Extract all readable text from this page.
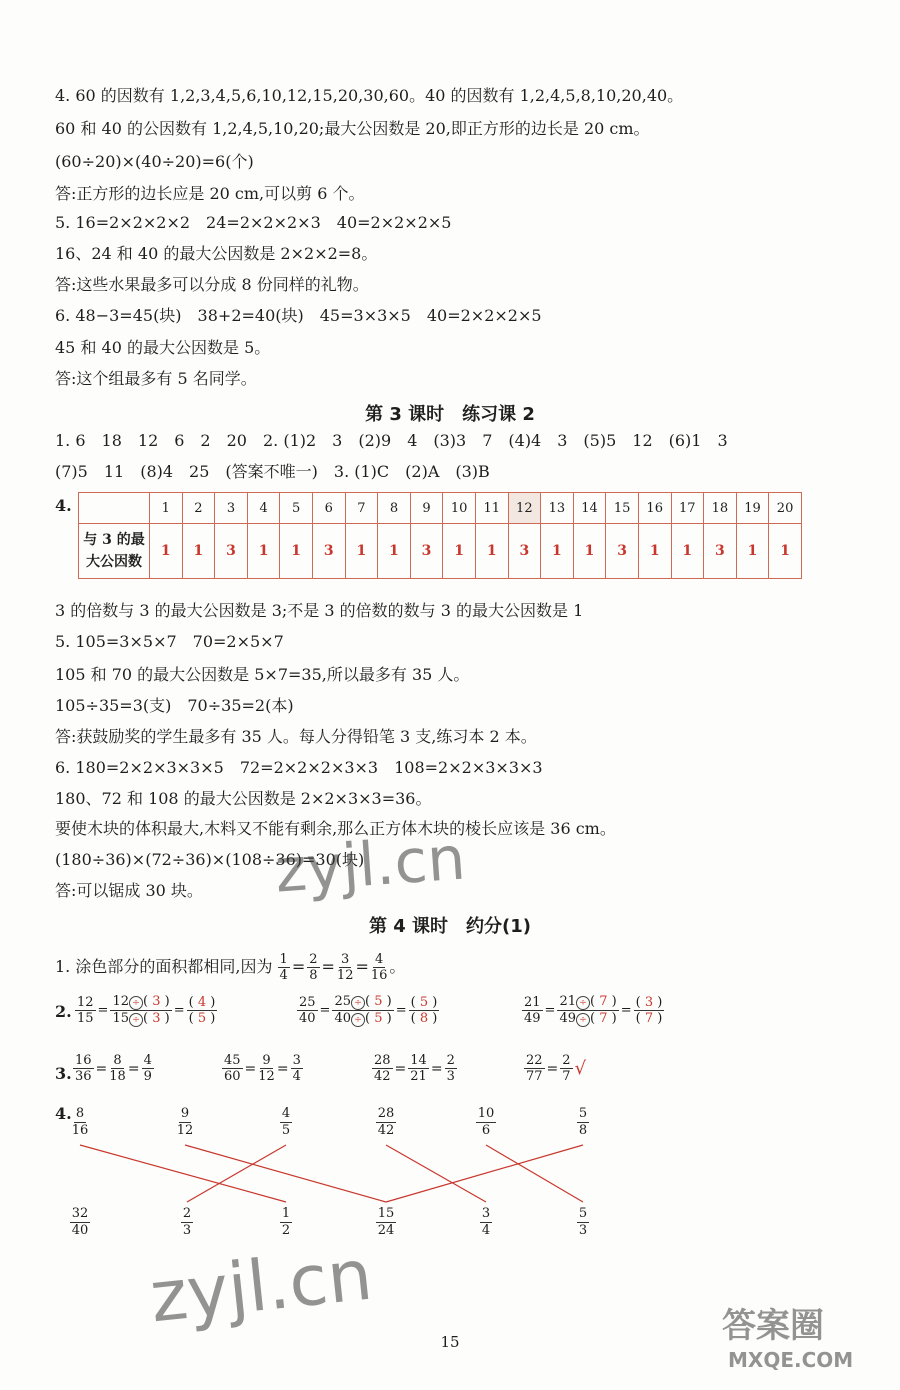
4. 60 的因数有 1,2,3,4,5,6,10,12,15,20,30,60。40 的因数有 1,2,4,5,8,10,20,40。
60 和 40 的公因数有 1,2,4,5,10,20;最大公因数是 20,即正方形的边长是 20 cm。
(60÷20)×(40÷20)=6(个)
答:正方形的边长应是 20 cm,可以剪 6 个。
5. 16=2×2×2×2　24=2×2×2×3　40=2×2×2×5
16、24 和 40 的最大公因数是 2×2×2=8。
答:这些水果最多可以分成 8 份同样的礼物。
6. 48−3=45(块)　38+2=40(块)　45=3×3×5　40=2×2×2×5
45 和 40 的最大公因数是 5。
答:这个组最多有 5 名同学。
第 3 课时　练习课 2
1. 6　18　12　6　2　20　2. (1)2　3　(2)9　4　(3)3　7　(4)4　3　(5)5　12　(6)1　3
(7)5　11　(8)4　25　(答案不唯一)　3. (1)C　(2)A　(3)B
4.
		1	2	3	4	5	6	7	8	9	10	11	12	13	14	15	16	17	18	19	20
与 3 的最大公因数	1	1	3	1	1	3	1	1	3	1	1	3	1	1	3	1	1	3	1	1
3 的倍数与 3 的最大公因数是 3;不是 3 的倍数的数与 3 的最大公因数是 1
5. 105=3×5×7　70=2×5×7
105 和 70 的最大公因数是 5×7=35,所以最多有 35 人。
105÷35=3(支)　70÷35=2(本)
答:获鼓励奖的学生最多有 35 人。每人分得铅笔 3 支,练习本 2 本。
6. 180=2×2×3×3×5　72=2×2×2×3×3　108=2×2×3×3×3
180、72 和 108 的最大公因数是 2×2×3×3=36。
要使木块的体积最大,木料又不能有剩余,那么正方体木块的棱长应该是 36 cm。
(180÷36)×(72÷36)×(108÷36)=30(块)
答:可以锯成 30 块。
第 4 课时　约分(1)
1. 涂色部分的面积都相同,因为 $\frac{1}{4} = \frac{2}{8} = \frac{3}{12} = \frac{4}{16}$ 。
$\frac{12}{15} = \frac{12 \div ( 3 )}{15 \div ( 3 )} = \frac{( 4 )}{( 5 )}$	$\frac{25}{40} = \frac{25 \div ( 5 )}{40 \div ( 5 )} = \frac{( 5 )}{( 8 )}$	$\frac{21}{49} = \frac{21 \div ( 7 )}{49 \div ( 7 )} = \frac{( 3 )}{( 7 )}$
$\frac{16}{36} = \frac{8}{18} = \frac{4}{9}$	$\frac{45}{60} = \frac{9}{12} = \frac{3}{4}$	$\frac{28}{42} = \frac{14}{21} = \frac{2}{3}$	$\frac{22}{77} = \frac{2}{7}$ √
8
16
9
12
4
5
28
42
10
6
5
8
32
40
2
3
1
2
15
24
3
4
5
3
2.
3.
4.
15
zyjl.cn
zyjl.cn	答案圈
MXQE.COM
